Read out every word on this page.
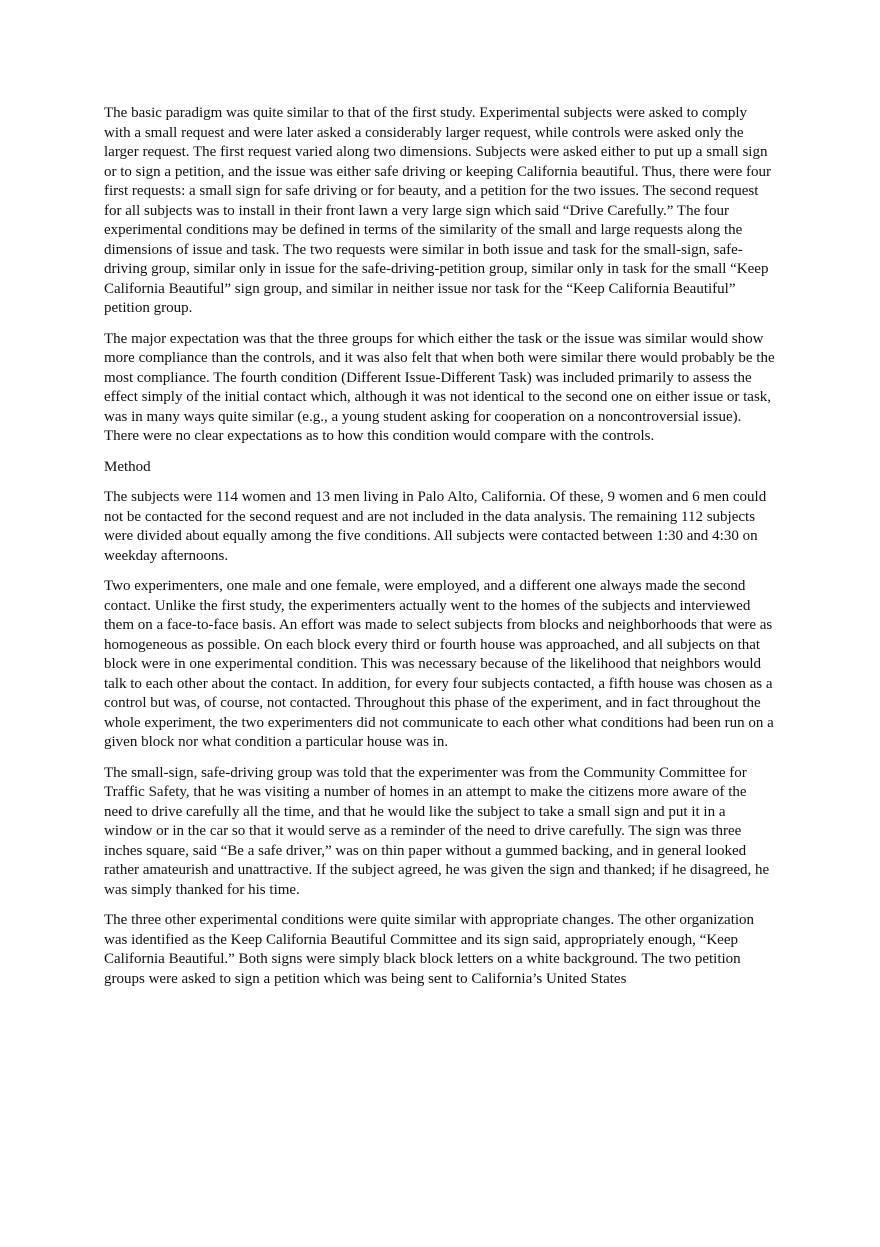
The basic paradigm was quite similar to that of the first study. Experimental subjects were asked to comply with a small request and were later asked a considerably larger request, while controls were asked only the larger request. The first request varied along two dimensions. Subjects were asked either to put up a small sign or to sign a petition, and the issue was either safe driving or keeping California beautiful. Thus, there were four first requests: a small sign for safe driving or for beauty, and a petition for the two issues. The second request for all subjects was to install in their front lawn a very large sign which said “Drive Carefully.” The four experimental conditions may be defined in terms of the similarity of the small and large requests along the dimensions of issue and task. The two requests were similar in both issue and task for the small-sign, safe-driving group, similar only in issue for the safe-driving-petition group, similar only in task for the small “Keep California Beautiful” sign group, and similar in neither issue nor task for the “Keep California Beautiful” petition group.

The major expectation was that the three groups for which either the task or the issue was similar would show more compliance than the controls, and it was also felt that when both were similar there would probably be the most compliance. The fourth condition (Different Issue-Different Task) was included primarily to assess the effect simply of the initial contact which, although it was not identical to the second one on either issue or task, was in many ways quite similar (e.g., a young student asking for cooperation on a noncontroversial issue). There were no clear expectations as to how this condition would compare with the controls.

Method

The subjects were 114 women and 13 men living in Palo Alto, California. Of these, 9 women and 6 men could not be contacted for the second request and are not included in the data analysis. The remaining 112 subjects were divided about equally among the five conditions. All subjects were contacted between 1:30 and 4:30 on weekday afternoons.

Two experimenters, one male and one female, were employed, and a different one always made the second contact. Unlike the first study, the experimenters actually went to the homes of the subjects and interviewed them on a face-to-face basis. An effort was made to select subjects from blocks and neighborhoods that were as homogeneous as possible. On each block every third or fourth house was approached, and all subjects on that block were in one experimental condition. This was necessary because of the likelihood that neighbors would talk to each other about the contact. In addition, for every four subjects contacted, a fifth house was chosen as a control but was, of course, not contacted. Throughout this phase of the experiment, and in fact throughout the whole experiment, the two experimenters did not communicate to each other what conditions had been run on a given block nor what condition a particular house was in.

The small-sign, safe-driving group was told that the experimenter was from the Community Committee for Traffic Safety, that he was visiting a number of homes in an attempt to make the citizens more aware of the need to drive carefully all the time, and that he would like the subject to take a small sign and put it in a window or in the car so that it would serve as a reminder of the need to drive carefully. The sign was three inches square, said “Be a safe driver,” was on thin paper without a gummed backing, and in general looked rather amateurish and unattractive. If the subject agreed, he was given the sign and thanked; if he disagreed, he was simply thanked for his time.

The three other experimental conditions were quite similar with appropriate changes. The other organization was identified as the Keep California Beautiful Committee and its sign said, appropriately enough, “Keep California Beautiful.” Both signs were simply black block letters on a white background. The two petition groups were asked to sign a petition which was being sent to California’s United States
